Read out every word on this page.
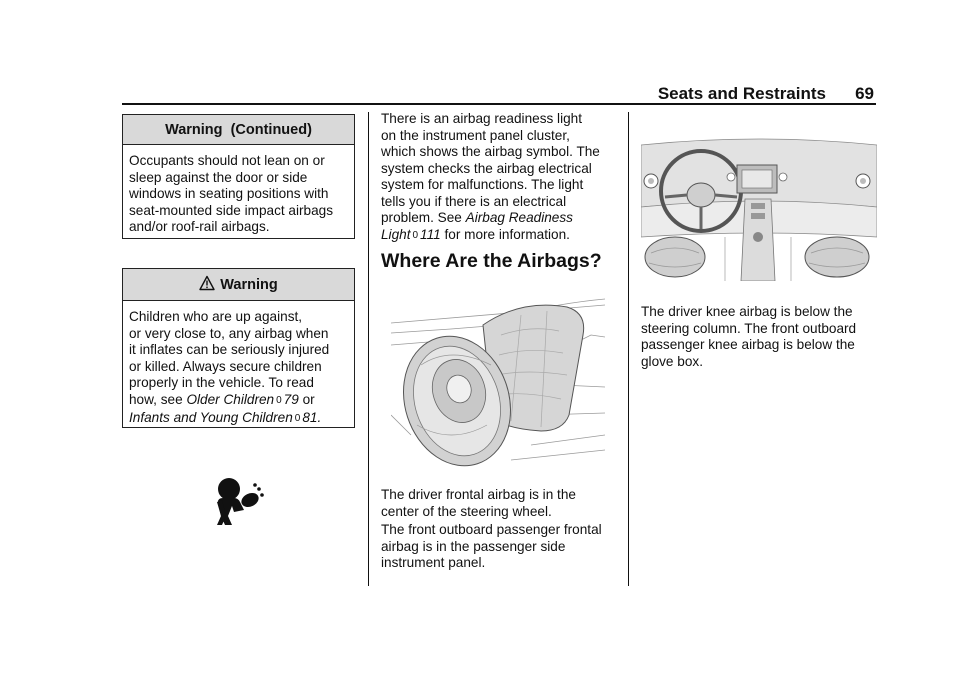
Seats and Restraints 69
Warning  (Continued)
Occupants should not lean on or sleep against the door or side windows in seating positions with seat-mounted side impact airbags and/or roof-rail airbags.
Warning
Children who are up against,
or very close to, any airbag when
it inflates can be seriously injured
or killed. Always secure children
properly in the vehicle. To read
how, see Older Children 0 79 or
Infants and Young Children 0 81.
There is an airbag readiness light
on the instrument panel cluster,
which shows the airbag symbol. The
system checks the airbag electrical
system for malfunctions. The light
tells you if there is an electrical
problem. See Airbag Readiness
Light 0 111 for more information.
Where Are the Airbags?
The driver frontal airbag is in the center of the steering wheel.
The front outboard passenger frontal airbag is in the passenger side instrument panel.
The driver knee airbag is below the steering column. The front outboard passenger knee airbag is below the glove box.
